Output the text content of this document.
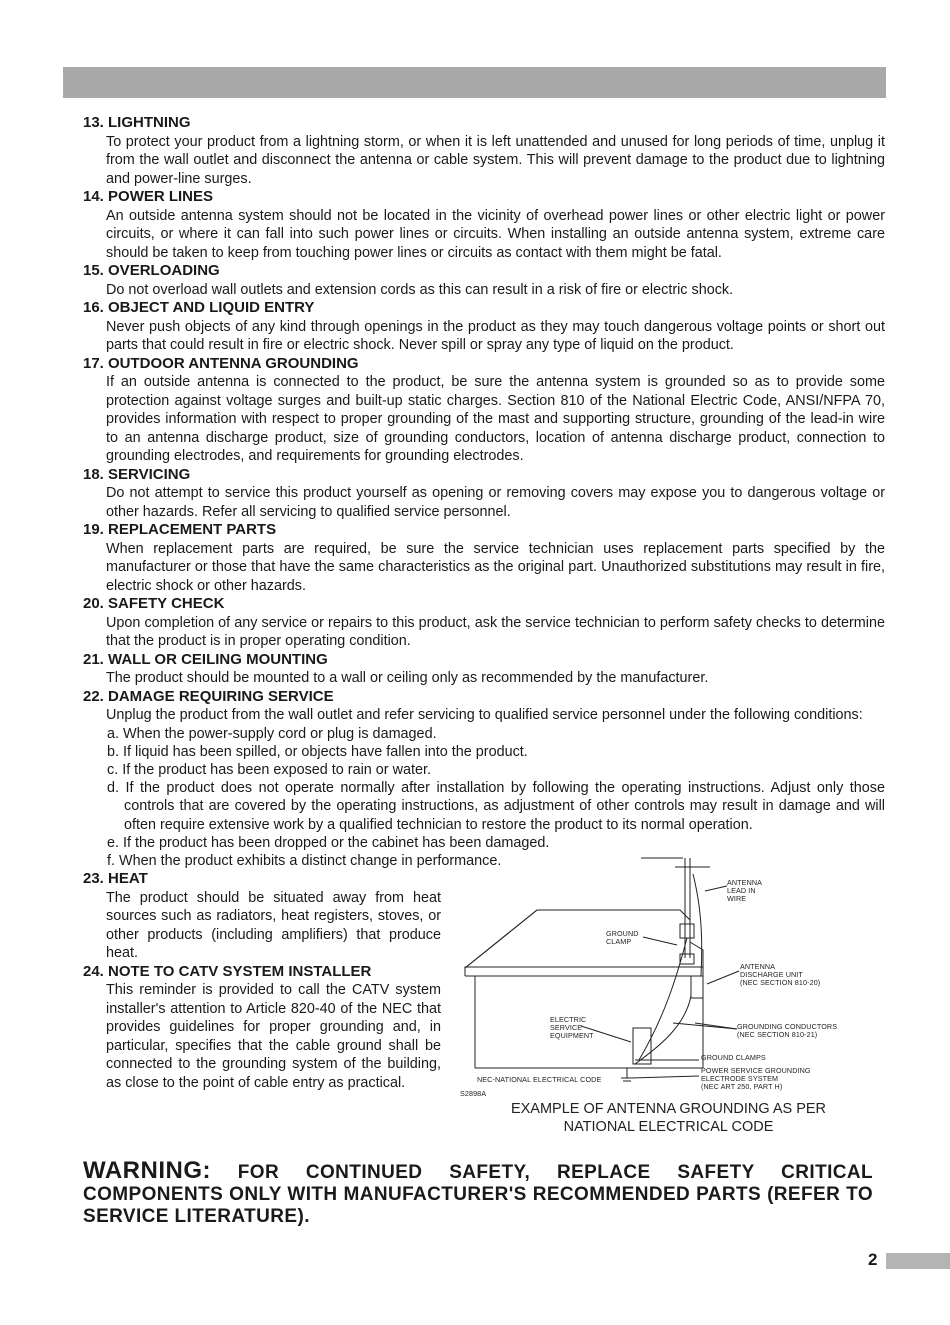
13. LIGHTNING

To protect your product from a lightning storm, or when it is left unattended and unused for long periods of time, unplug it from the wall outlet and disconnect the antenna or cable system. This will prevent damage to the product due to lightning and power-line surges.

14. POWER LINES

An outside antenna system should not be located in the vicinity of overhead power lines or other electric light or power circuits, or where it can fall into such power lines or circuits. When installing an outside antenna system, extreme care should be taken to keep from touching power lines or circuits as contact with them might be fatal.

15. OVERLOADING

Do not overload wall outlets and extension cords as this can result in a risk of fire or electric shock.

16. OBJECT AND LIQUID ENTRY

Never push objects of any kind through openings in the product as they may touch dangerous voltage points or short out parts that could result in fire or electric shock. Never spill or spray any type of liquid on the product.

17. OUTDOOR ANTENNA GROUNDING

If an outside antenna is connected to the product, be sure the antenna system is grounded so as to provide some protection against voltage surges and built-up static charges. Section 810 of the National Electric Code, ANSI/NFPA 70, provides information with respect to proper grounding of the mast and supporting structure, grounding of the lead-in wire to an antenna discharge product, size of grounding conductors, location of antenna discharge product, connection to grounding electrodes, and requirements for grounding electrodes.

18. SERVICING

Do not attempt to service this product yourself as opening or removing covers may expose you to dangerous voltage or other hazards. Refer all servicing to qualified service personnel.

19. REPLACEMENT PARTS

When replacement parts are required, be sure the service technician uses replacement parts specified by the manufacturer or those that have the same characteristics as the original part. Unauthorized substitutions may result in fire, electric shock or other hazards.

20. SAFETY CHECK

Upon completion of any service or repairs to this product, ask the service technician to perform safety checks to determine that the product is in proper operating condition.

21. WALL OR CEILING MOUNTING

The product should be mounted to a wall or ceiling only as recommended by the manufacturer.

22. DAMAGE REQUIRING SERVICE

Unplug the product from the wall outlet and refer servicing to qualified service personnel under the following conditions:

a. When the power-supply cord or plug is damaged.

b. If liquid has been spilled, or objects have fallen into the product.

c. If the product has been exposed to rain or water.

d. If the product does not operate normally after installation by following the operating instructions. Adjust only those controls that are covered by the operating instructions, as adjustment of other controls may result in damage and will often require extensive work by a qualified technician to restore the product to its normal operation.

e. If the product has been dropped or the cabinet has been damaged.

f. When the product exhibits a distinct change in performance.

23. HEAT

The product should be situated away from heat sources such as radiators, heat registers, stoves, or other products (including amplifiers) that produce heat.

24. NOTE TO CATV SYSTEM INSTALLER

This reminder is provided to call the CATV system installer's attention to Article 820-40 of the NEC that provides guidelines for proper grounding and, in particular, specifies that the cable ground shall be connected to the grounding system of the building, as close to the point of cable entry as practical.

ANTENNA
LEAD IN
WIRE
GROUND
CLAMP
ANTENNA
DISCHARGE UNIT
(NEC SECTION 810-20)
ELECTRIC
SERVICE
EQUIPMENT
GROUNDING CONDUCTORS
(NEC SECTION 810-21)
GROUND CLAMPS
POWER SERVICE GROUNDING
ELECTRODE SYSTEM
(NEC ART 250, PART H)
NEC-NATIONAL ELECTRICAL CODE
S2898A
EXAMPLE OF ANTENNA GROUNDING AS PER NATIONAL ELECTRICAL CODE
WARNING: FOR CONTINUED SAFETY, REPLACE SAFETY CRITICAL COMPONENTS ONLY WITH MANUFACTURER'S RECOMMENDED PARTS (REFER TO SERVICE LITERATURE).
2
